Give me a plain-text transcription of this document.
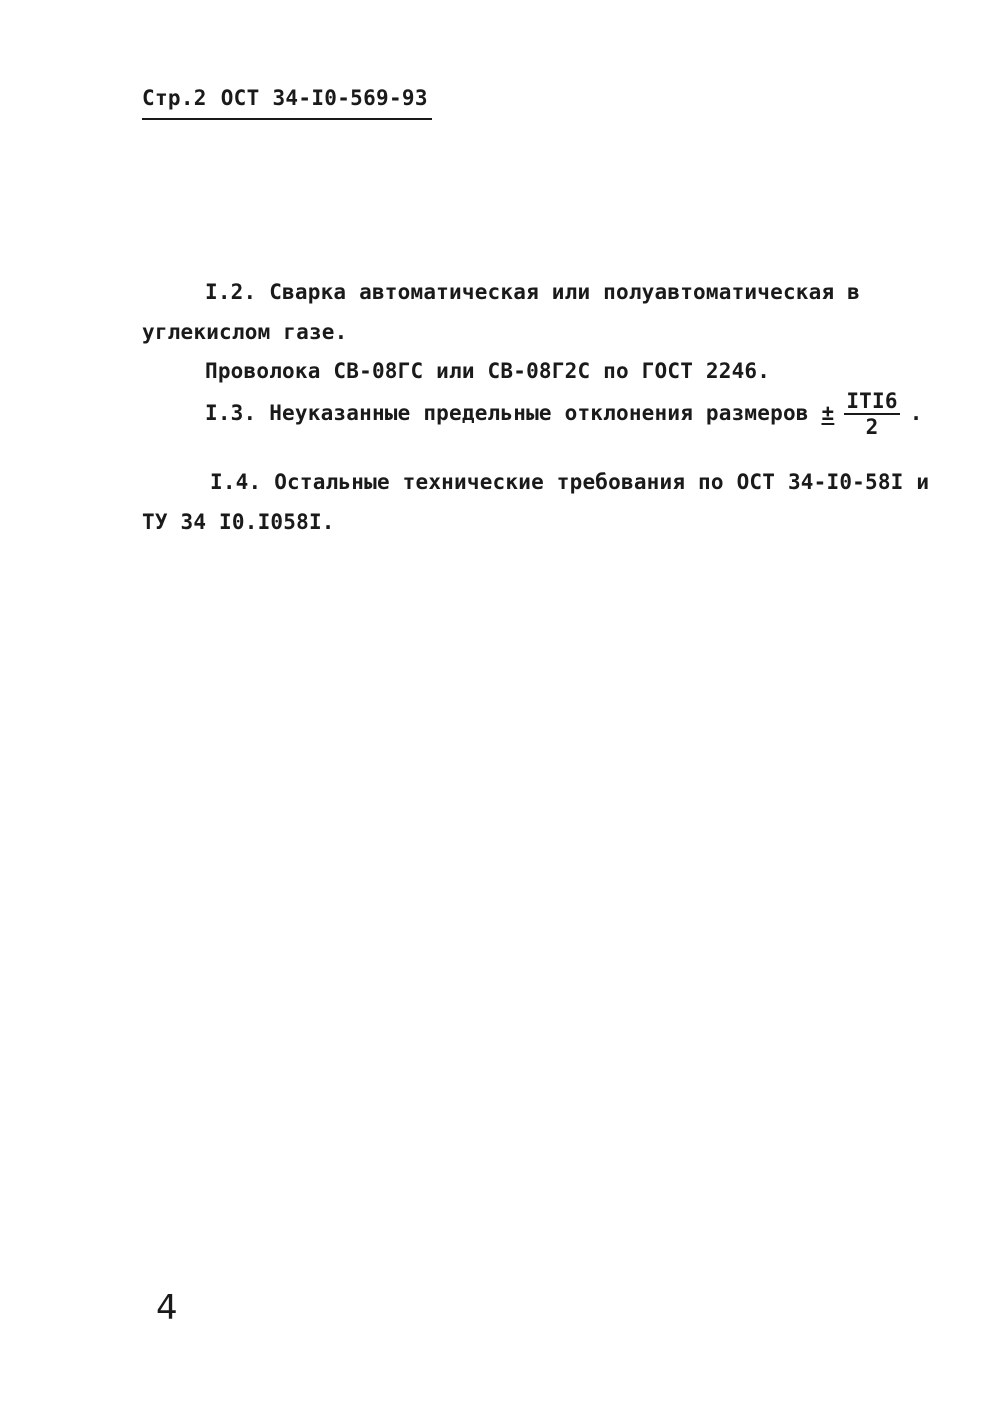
Стр.2 ОСТ 34-I0-569-93
I.2. Сварка автоматическая или полуавтоматическая в
углекислом газе.
Проволока СВ-08ГС или СВ-08Г2С по ГОСТ 2246.
I.3. Неуказанные предельные отклонения размеров ± $\frac{\text{IТI6}}{2}$ .
I.4. Остальные технические требования по ОСТ 34-I0-58I и
ТУ 34 I0.I058I.
4
